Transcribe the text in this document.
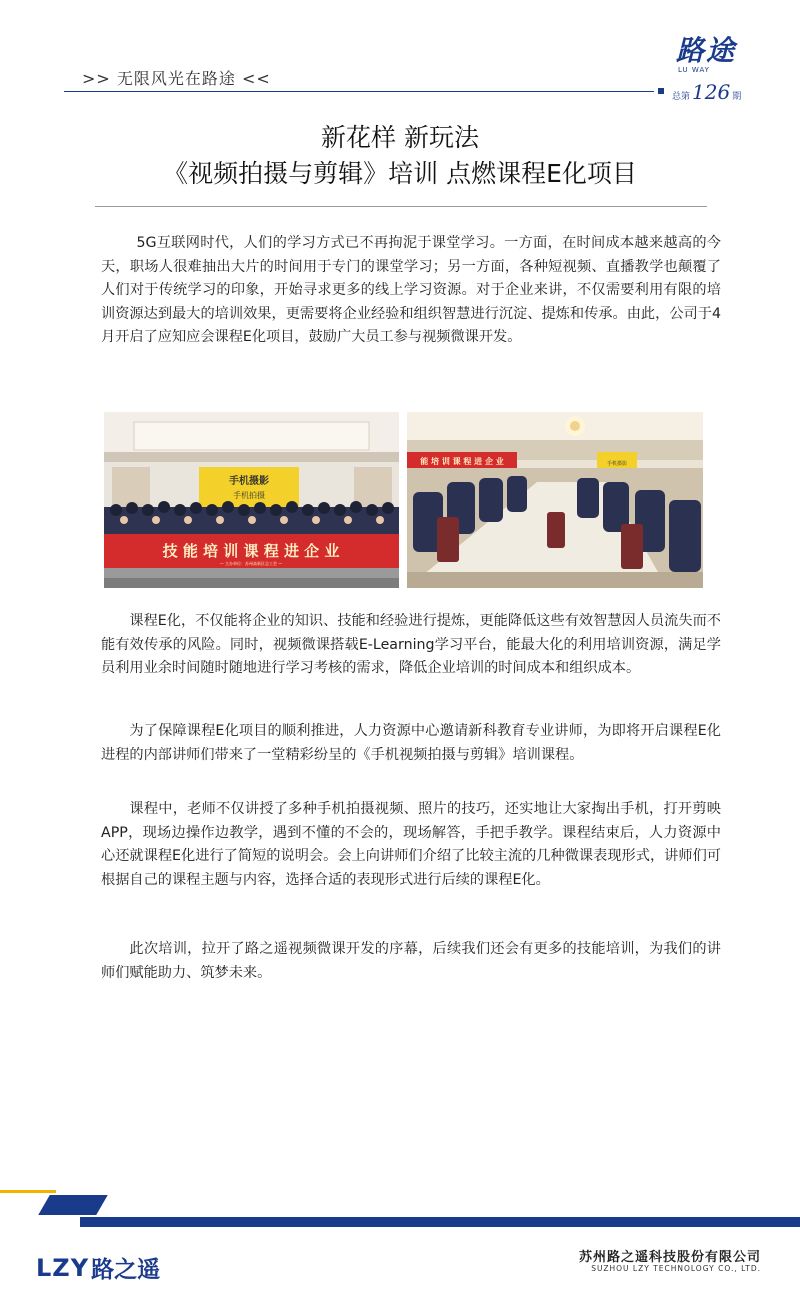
>> 无限风光在路途 <<
路途
LU WAY
总第 126 期
新花样 新玩法
《视频拍摄与剪辑》培训 点燃课程E化项目

5G互联网时代，人们的学习方式已不再拘泥于课堂学习。一方面，在时间成本越来越高的今天，职场人很难抽出大片的时间用于专门的课堂学习；另一方面，各种短视频、直播教学也颠覆了人们对于传统学习的印象，开始寻求更多的线上学习资源。对于企业来讲，不仅需要利用有限的培训资源达到最大的培训效果，更需要将企业经验和组织智慧进行沉淀、提炼和传承。由此，公司于4月开启了应知应会课程E化项目，鼓励广大员工参与视频微课开发。

手机摄影
手机拍摄
技 能 培 训 课 程 进 企 业
— 主办单位：苏州高新区总工会 —
能 培 训 课 程 进 企 业	手机摄影

课程E化，不仅能将企业的知识、技能和经验进行提炼，更能降低这些有效智慧因人员流失而不能有效传承的风险。同时，视频微课搭载E-Learning学习平台，能最大化的利用培训资源，满足学员利用业余时间随时随地进行学习考核的需求，降低企业培训的时间成本和组织成本。

为了保障课程E化项目的顺利推进，人力资源中心邀请新科教育专业讲师，为即将开启课程E化进程的内部讲师们带来了一堂精彩纷呈的《手机视频拍摄与剪辑》培训课程。

课程中，老师不仅讲授了多种手机拍摄视频、照片的技巧，还实地让大家掏出手机，打开剪映APP，现场边操作边教学，遇到不懂的不会的，现场解答，手把手教学。课程结束后，人力资源中心还就课程E化进行了简短的说明会。会上向讲师们介绍了比较主流的几种微课表现形式，讲师们可根据自己的课程主题与内容，选择合适的表现形式进行后续的课程E化。

此次培训，拉开了路之遥视频微课开发的序幕，后续我们还会有更多的技能培训，为我们的讲师们赋能助力、筑梦未来。

LZY 路之遥	苏州路之遥科技股份有限公司
SUZHOU LZY TECHNOLOGY CO., LTD.
